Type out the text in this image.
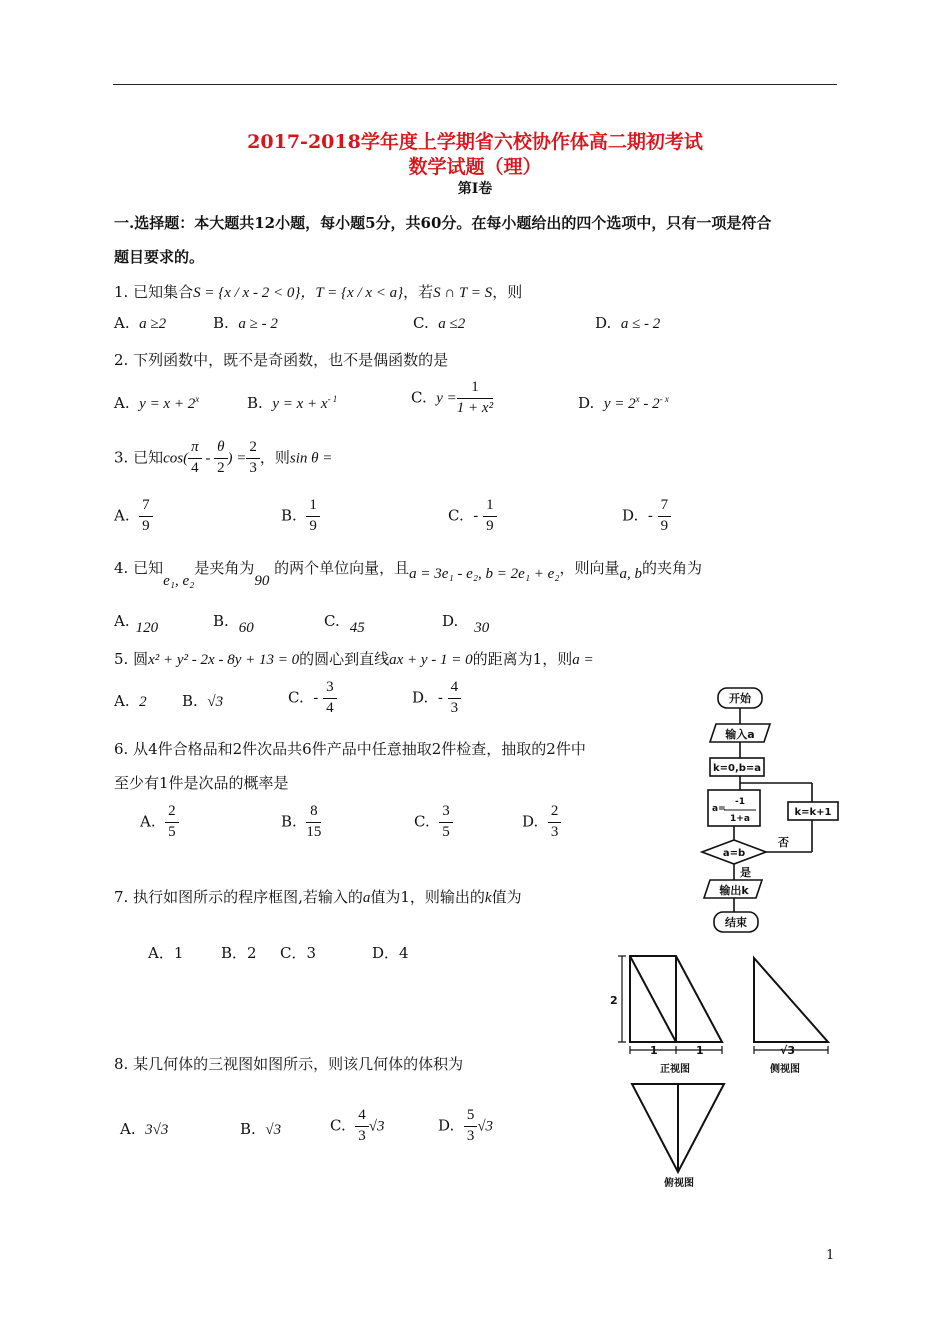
2017-2018学年度上学期省六校协作体高二期初考试
数学试题（理）
第Ⅰ卷
一.选择题：本大题共12小题，每小题5分，共60分。在每小题给出的四个选项中，只有一项是符合
题目要求的。
1. 已知集合S = {x / x - 2 < 0}，T = {x / x < a}，若S ∩ T = S，则
A. a ≥2	B. a ≥ - 2	C. a ≤2	D. a ≤ - 2
2. 下列函数中，既不是奇函数，也不是偶函数的是
A. $y = x + 2^x$	B. $y = x + x^{- 1}$	C. $y = \frac{1}{\text{1 + x²}}$	D. $y = 2^x - 2^{- x}$
3. 已知$\cos( \frac{\pi}{4} - \frac{\theta}{2}$ ) = $\frac{2}{3}$ ，则sin θ =
A. $\frac{7}{9}$	B. $\frac{1}{9}$	C. - $\frac{1}{9}$	D. - $\frac{7}{9}$
4. 已知e₁, e₂是夹角为90 的两个单位向量，且a = 3e₁ - e₂, b = 2e₁ + e₂，则向量a, b的夹角为
A. 120	B. 60	C. 45	D. 30
5. 圆x² + y² - 2x - 8y + 13 = 0的圆心到直线ax + y - 1 = 0的距离为1，则a =
A. 2 B. √3	C. - $\frac{3}{4}$	D. - $\frac{4}{3}$
6. 从4件合格品和2件次品共6件产品中任意抽取2件检查，抽取的2件中
至少有1件是次品的概率是
A. $\frac{2}{5}$	B. $\frac{8}{15}$	C. $\frac{3}{5}$	D. $\frac{2}{3}$
7. 执行如图所示的程序框图,若输入的a值为1，则输出的k值为
A．1	B．2 C．3	D．4
8. 某几何体的三视图如图所示，则该几何体的体积为
A. 3√3	B. √3	C. $\frac{4}{3} √3$	D. $\frac{5}{3} √3$
开始
输入a
k=0,b=a
a=
-1
1+a
k=k+1
a=b
否
是
输出k
结束
2
1	1	√3
正视图	侧视图
俯视图
1
